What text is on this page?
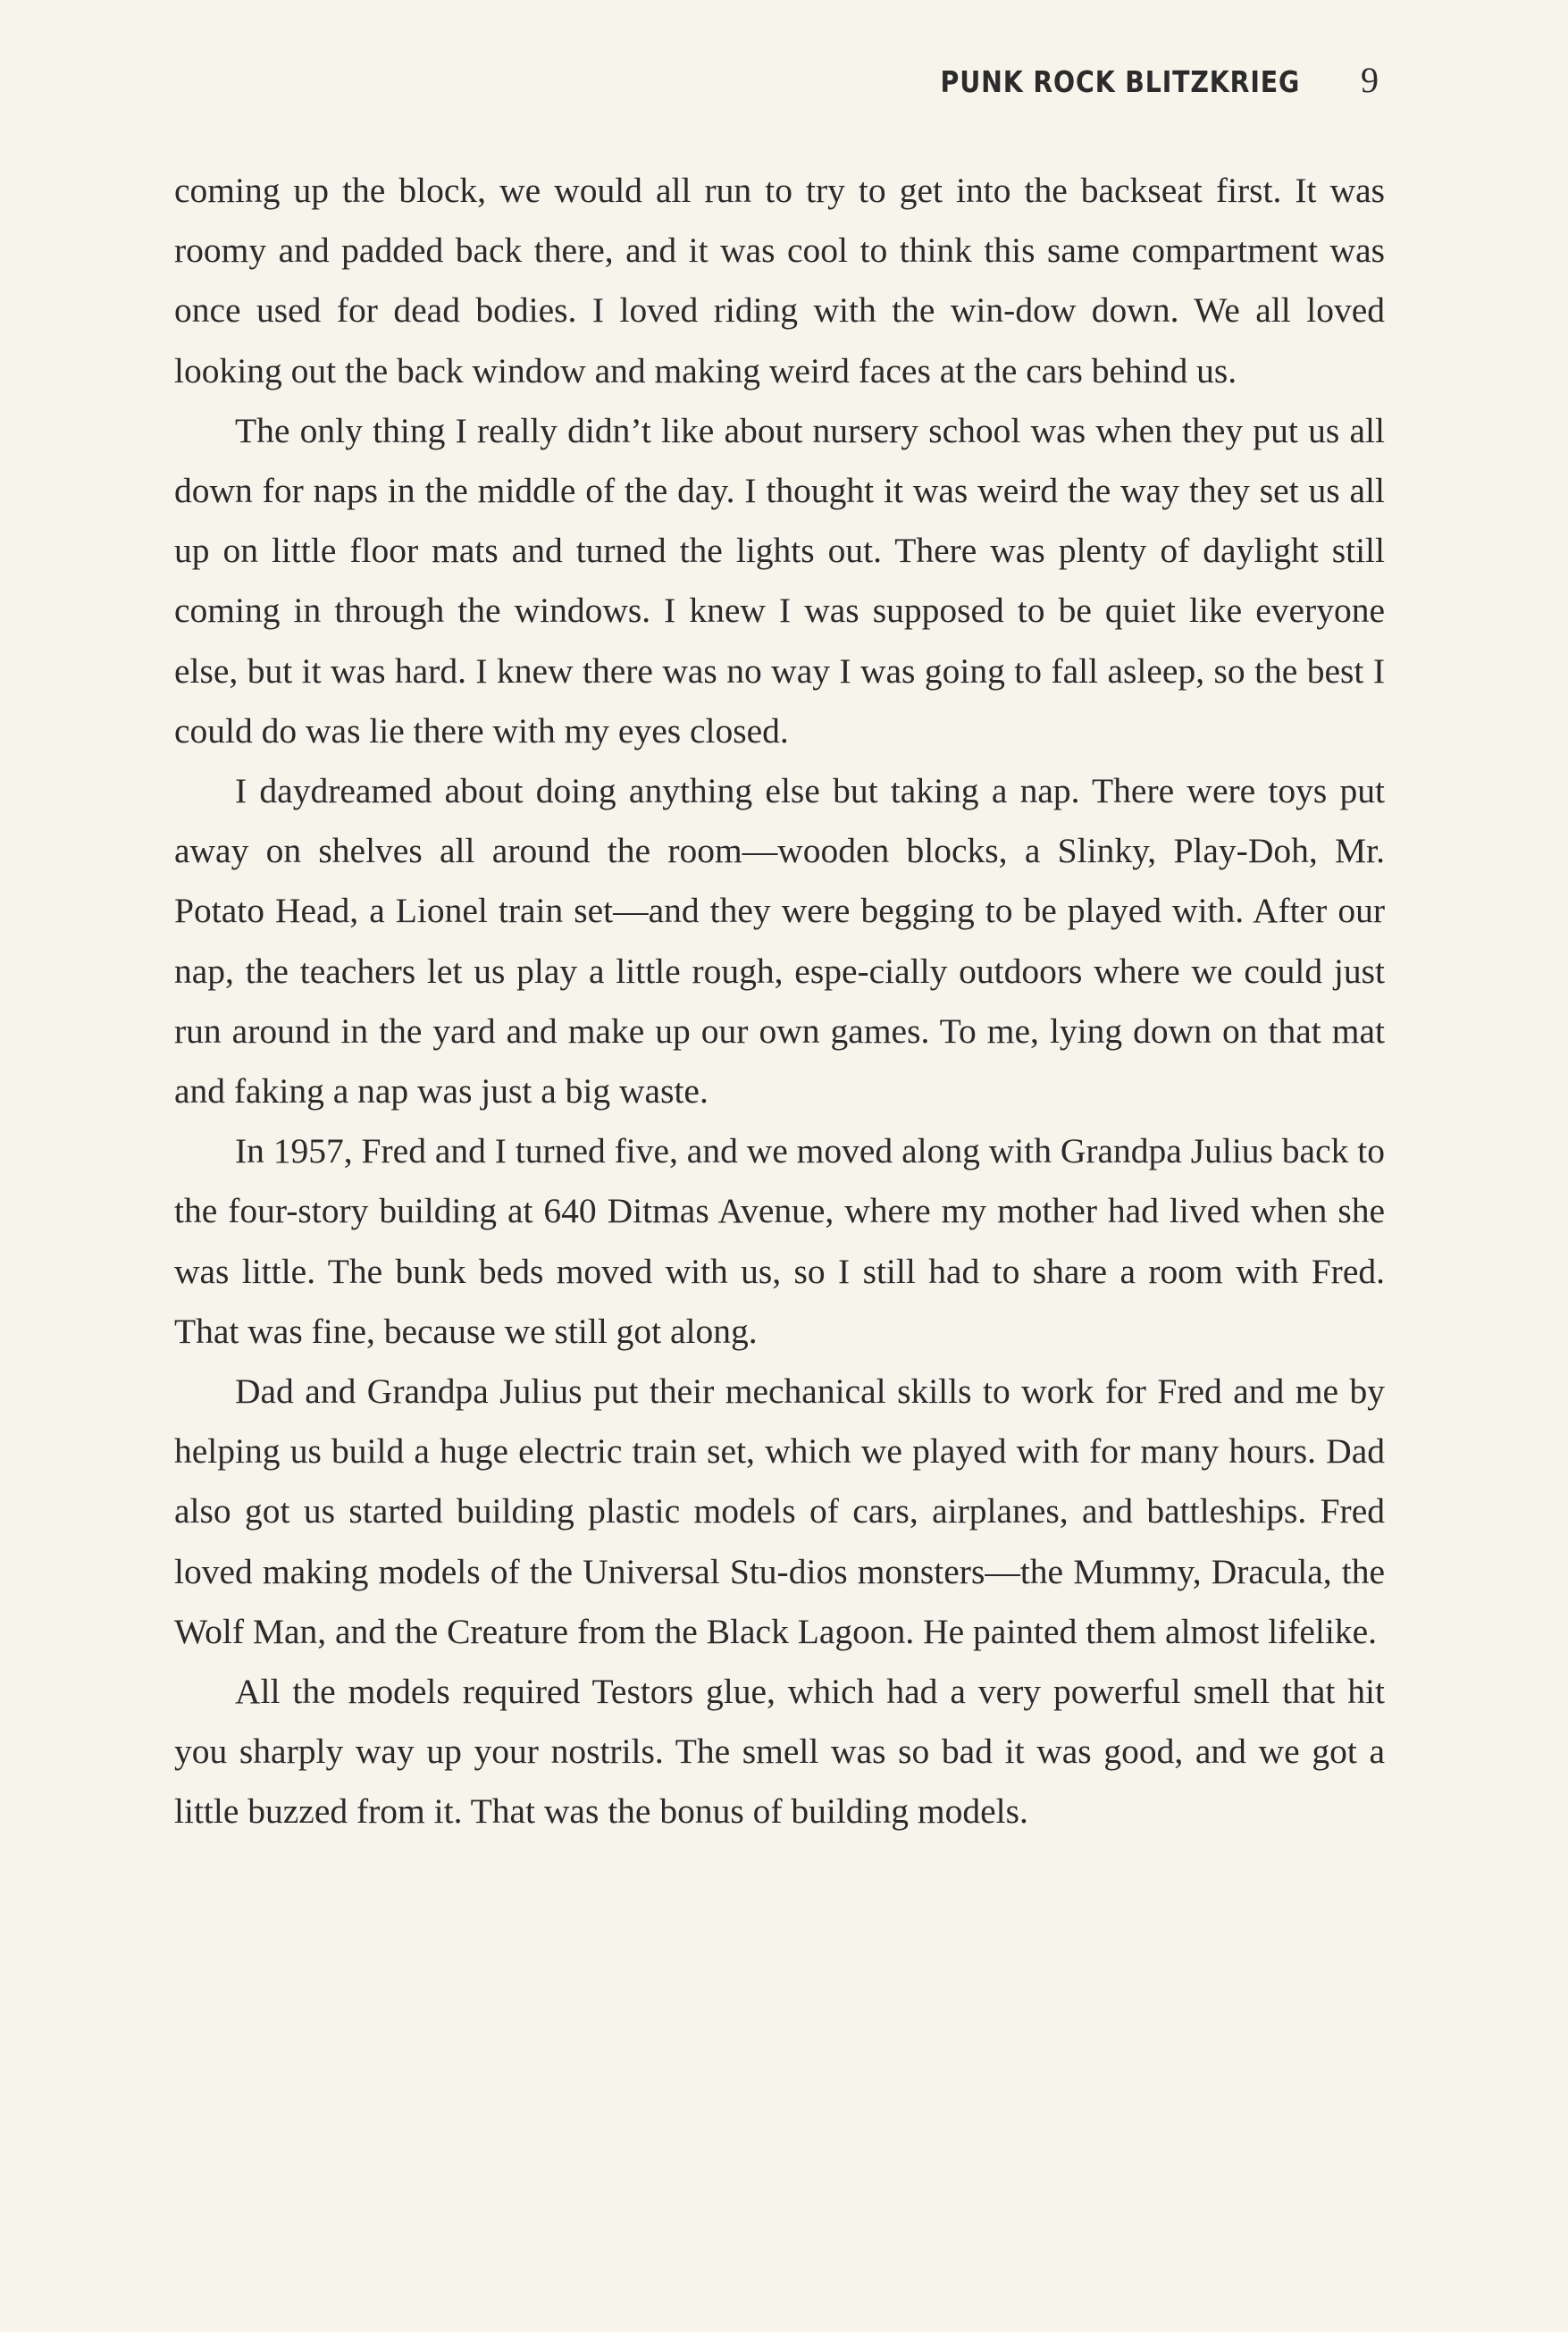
PUNK ROCK BLITZKRIEG 9

coming up the block, we would all run to try to get into the backseat first. It was roomy and padded back there, and it was cool to think this same compartment was once used for dead bodies. I loved riding with the win-dow down. We all loved looking out the back window and making weird faces at the cars behind us.

The only thing I really didn’t like about nursery school was when they put us all down for naps in the middle of the day. I thought it was weird the way they set us all up on little floor mats and turned the lights out. There was plenty of daylight still coming in through the windows. I knew I was supposed to be quiet like everyone else, but it was hard. I knew there was no way I was going to fall asleep, so the best I could do was lie there with my eyes closed.

I daydreamed about doing anything else but taking a nap. There were toys put away on shelves all around the room—wooden blocks, a Slinky, Play-Doh, Mr. Potato Head, a Lionel train set—and they were begging to be played with. After our nap, the teachers let us play a little rough, espe-cially outdoors where we could just run around in the yard and make up our own games. To me, lying down on that mat and faking a nap was just a big waste.

In 1957, Fred and I turned five, and we moved along with Grandpa Julius back to the four-story building at 640 Ditmas Avenue, where my mother had lived when she was little. The bunk beds moved with us, so I still had to share a room with Fred. That was fine, because we still got along.

Dad and Grandpa Julius put their mechanical skills to work for Fred and me by helping us build a huge electric train set, which we played with for many hours. Dad also got us started building plastic models of cars, airplanes, and battleships. Fred loved making models of the Universal Stu-dios monsters—the Mummy, Dracula, the Wolf Man, and the Creature from the Black Lagoon. He painted them almost lifelike.

All the models required Testors glue, which had a very powerful smell that hit you sharply way up your nostrils. The smell was so bad it was good, and we got a little buzzed from it. That was the bonus of building models.
